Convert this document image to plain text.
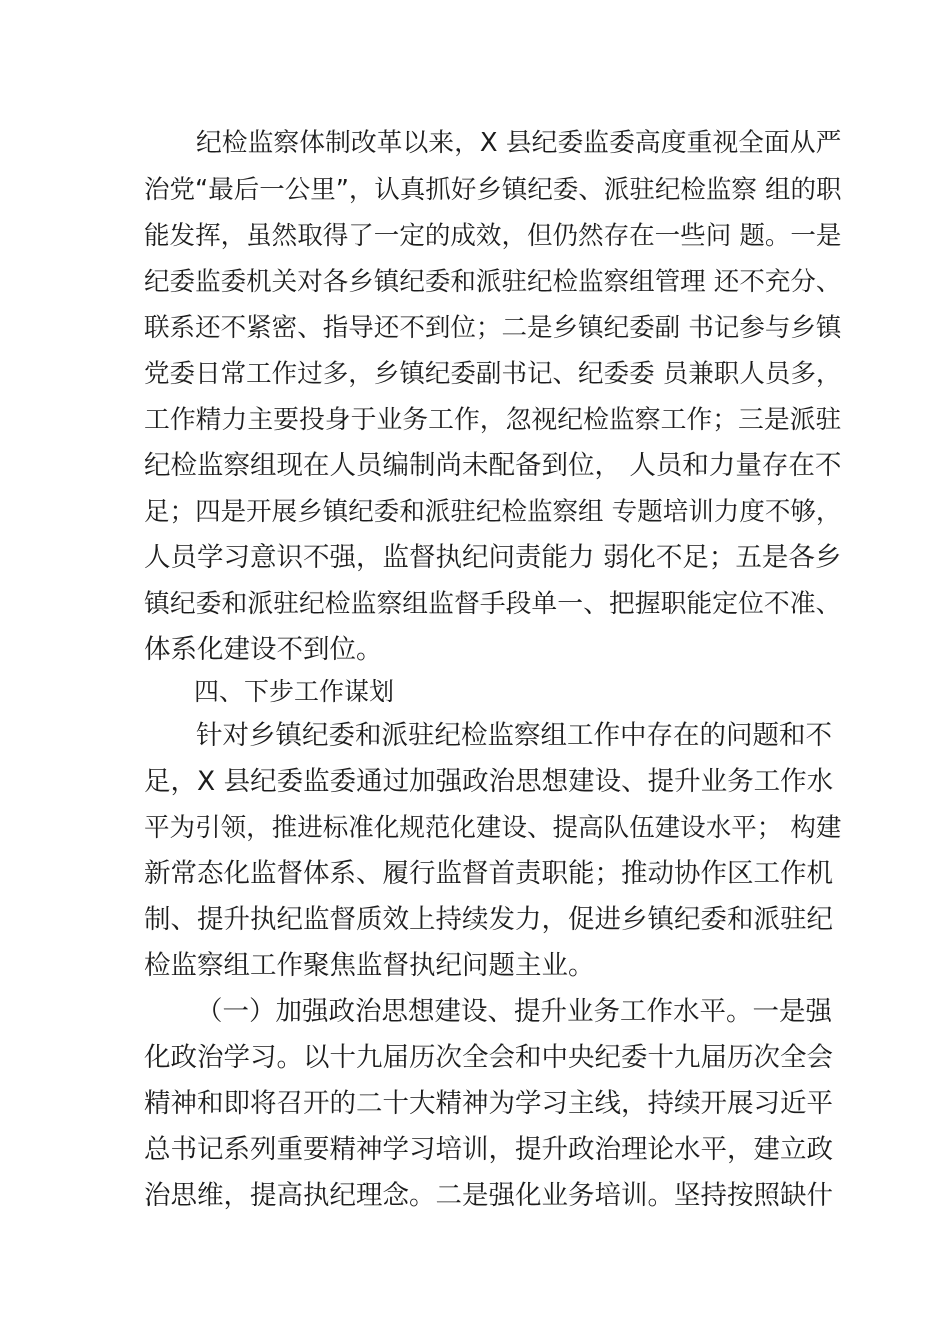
纪检监察体制改革以来，X 县纪委监委高度重视全面从严
治党“最后一公里”，认真抓好乡镇纪委、派驻纪检监察 组的职
能发挥，虽然取得了一定的成效，但仍然存在一些问 题。一是
纪委监委机关对各乡镇纪委和派驻纪检监察组管理 还不充分、
联系还不紧密、指导还不到位；二是乡镇纪委副 书记参与乡镇
党委日常工作过多，乡镇纪委副书记、纪委委 员兼职人员多，
工作精力主要投身于业务工作，忽视纪检监察工作；三是派驻
纪检监察组现在人员编制尚未配备到位， 人员和力量存在不
足；四是开展乡镇纪委和派驻纪检监察组 专题培训力度不够，
人员学习意识不强，监督执纪问责能力 弱化不足；五是各乡
镇纪委和派驻纪检监察组监督手段单一、把握职能定位不准、
体系化建设不到位。
四、下步工作谋划
针对乡镇纪委和派驻纪检监察组工作中存在的问题和不
足，X 县纪委监委通过加强政治思想建设、提升业务工作水
平为引领，推进标准化规范化建设、提高队伍建设水平； 构建
新常态化监督体系、履行监督首责职能；推动协作区工作机
制、提升执纪监督质效上持续发力，促进乡镇纪委和派驻纪
检监察组工作聚焦监督执纪问题主业。
（一）加强政治思想建设、提升业务工作水平。一是强
化政治学习。以十九届历次全会和中央纪委十九届历次全会
精神和即将召开的二十大精神为学习主线，持续开展习近平
总书记系列重要精神学习培训，提升政治理论水平，建立政
治思维，提高执纪理念。二是强化业务培训。坚持按照缺什
